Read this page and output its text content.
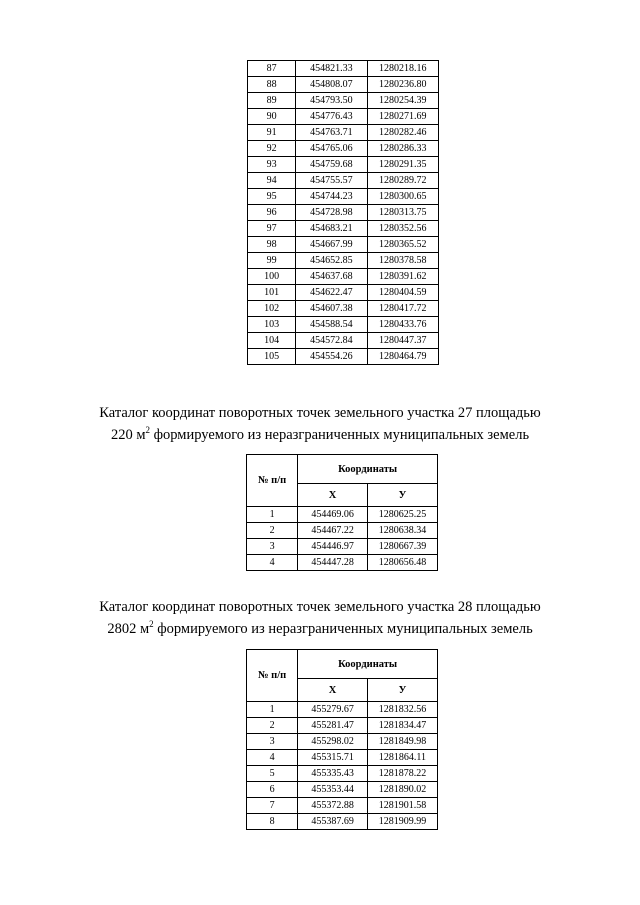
87	454821.33	1280218.16
88	454808.07	1280236.80
89	454793.50	1280254.39
90	454776.43	1280271.69
91	454763.71	1280282.46
92	454765.06	1280286.33
93	454759.68	1280291.35
94	454755.57	1280289.72
95	454744.23	1280300.65
96	454728.98	1280313.75
97	454683.21	1280352.56
98	454667.99	1280365.52
99	454652.85	1280378.58
100	454637.68	1280391.62
101	454622.47	1280404.59
102	454607.38	1280417.72
103	454588.54	1280433.76
104	454572.84	1280447.37
105	454554.26	1280464.79
Каталог координат поворотных точек земельного участка 27 площадью
220 $м^2$ формируемого из неразграниченных муниципальных земель
№ п/п	Координаты	
	X	У
1	454469.06	1280625.25
2	454467.22	1280638.34
3	454446.97	1280667.39
4	454447.28	1280656.48
Каталог координат поворотных точек земельного участка 28 площадью
2802 $м^2$ формируемого из неразграниченных муниципальных земель
№ п/п	Координаты	
	X	У
1	455279.67	1281832.56
2	455281.47	1281834.47
3	455298.02	1281849.98
4	455315.71	1281864.11
5	455335.43	1281878.22
6	455353.44	1281890.02
7	455372.88	1281901.58
8	455387.69	1281909.99
